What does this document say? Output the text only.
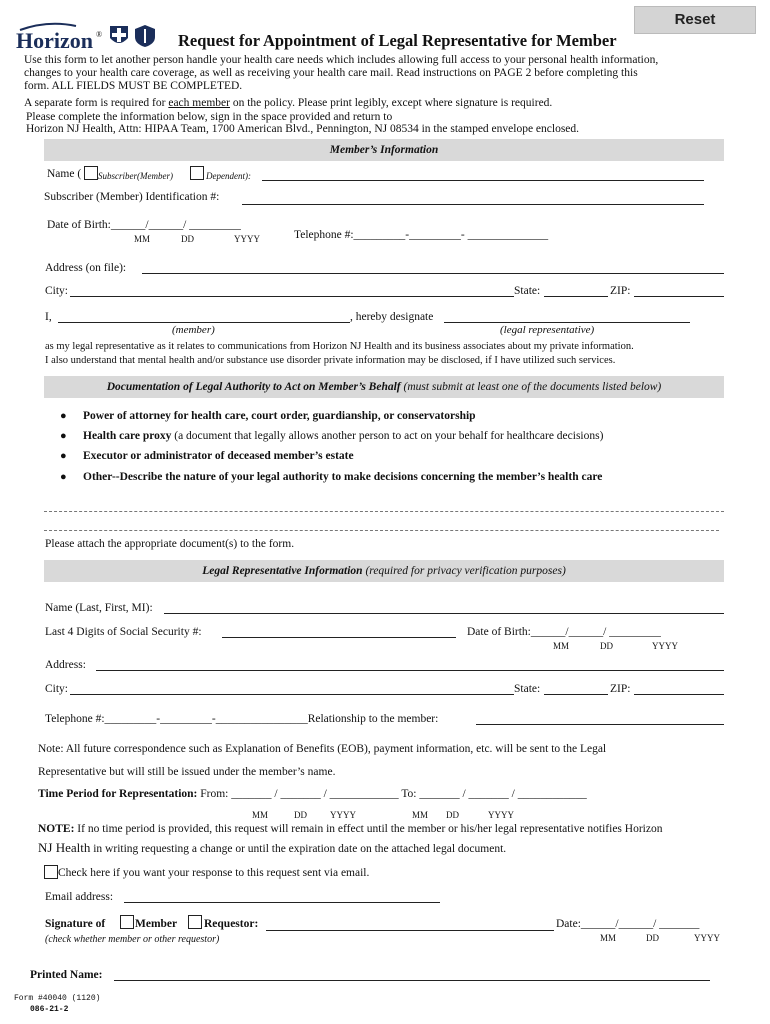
Reset
Horizon ®	Request for Appointment of Legal Representative for Member
Use this form to let another person handle your health care needs which includes allowing full access to your personal health information,
changes to your health care coverage, as well as receiving your health care mail. Read instructions on PAGE 2 before completing this
form. ALL FIELDS MUST BE COMPLETED.
A separate form is required for each member on the policy. Please print legibly, except where signature is required.
Please complete the information below, sign in the space provided and return to
Horizon NJ Health, Attn: HIPAA Team, 1700 American Blvd., Pennington, NJ 08534 in the stamped envelope enclosed.
Member’s Information
Name ( Subscriber(Member)	Dependent):
Subscriber (Member) Identification #:
Date of Birth:______/______/ _________
MM	DD	YYYY	Telephone #:_________-_________- ______________
Address (on file):
City:	State:	ZIP:
I,	, hereby designate
(member)	(legal representative)
as my legal representative as it relates to communications from Horizon NJ Health and its business associates about my private information.
I also understand that mental health and/or substance use disorder private information may be disclosed, if I have utilized such services.
Documentation of Legal Authority to Act on Member’s Behalf (must submit at least one of the documents listed below)
● Power of attorney for health care, court order, guardianship, or conservatorship
● Health care proxy (a document that legally allows another person to act on your behalf for healthcare decisions)
● Executor or administrator of deceased member’s estate
● Other--Describe the nature of your legal authority to make decisions concerning the member’s health care
Please attach the appropriate document(s) to the form.
Legal Representative Information (required for privacy verification purposes)
Name (Last, First, MI):
Last 4 Digits of Social Security #:	Date of Birth:______/______/ _________
MM	DD	YYYY
Address:
City:	State:	ZIP:
Telephone #:_________-_________-________________Relationship to the member:
Note: All future correspondence such as Explanation of Benefits (EOB), payment information, etc. will be sent to the Legal
Representative but will still be issued under the member’s name.
Time Period for Representation: From: _______ / _______ / ____________ To: _______ / _______ / ____________
MM	DD	YYYY	MM DD	YYYY
NOTE: If no time period is provided, this request will remain in effect until the member or his/her legal representative notifies Horizon
NJ Health in writing requesting a change or until the expiration date on the attached legal document.
Check here if you want your response to this request sent via email.
Email address:
Signature of	Member Requestor:
(check whether member or other requestor)
Date:______/______/ _______
MM	DD	YYYY
Printed Name:
Form #40040 (1120)
086-21-2
